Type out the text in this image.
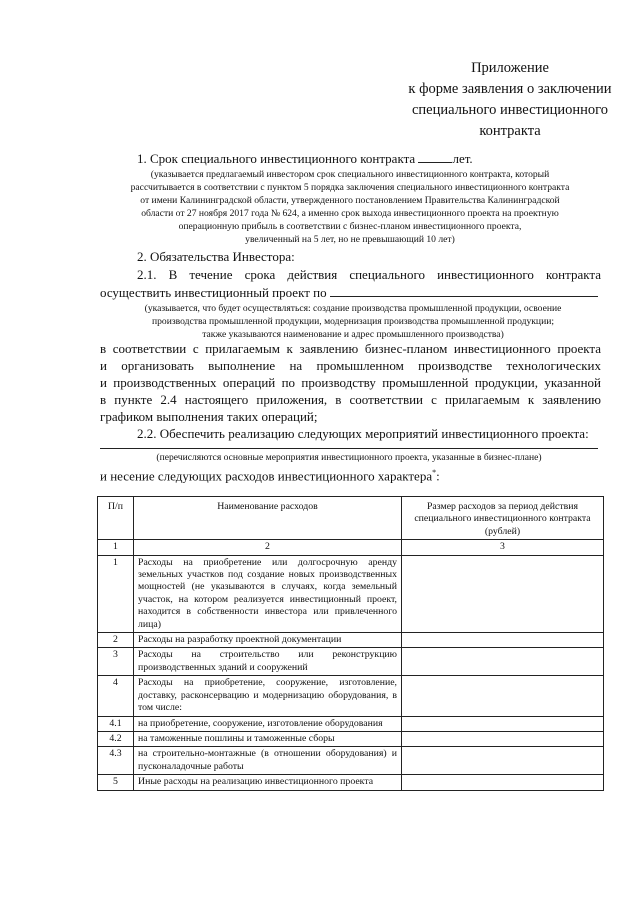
Приложение
к форме заявления о заключении
специального инвестиционного
контракта
1. Срок специального инвестиционного контракта	лет.
(указывается предлагаемый инвестором срок специального инвестиционного контракта, который
рассчитывается в соответствии с пунктом 5 порядка заключения специального инвестиционного контракта
от имени Калининградской области, утвержденного постановлением Правительства Калининградской
области от 27 ноября 2017 года № 624, а именно срок выхода инвестиционного проекта на проектную
операционную прибыль в соответствии с бизнес-планом инвестиционного проекта,
увеличенный на 5 лет, но не превышающий 10 лет)
2. Обязательства Инвестора:
2.1. В течение срока действия специального инвестиционного контракта
осуществить инвестиционный проект по
(указывается, что будет осуществляться: создание производства промышленной продукции, освоение
производства промышленной продукции, модернизация производства промышленной продукции;
также указываются наименование и адрес промышленного производства)
в соответствии с прилагаемым к заявлению бизнес-планом инвестиционного проекта
и организовать выполнение на промышленном производстве технологических
и производственных операций по производству промышленной продукции, указанной
в пункте 2.4 настоящего приложения, в соответствии с прилагаемым к заявлению
графиком выполнения таких операций;
2.2. Обеспечить реализацию следующих мероприятий инвестиционного проекта:
(перечисляются основные мероприятия инвестиционного проекта, указанные в бизнес-плане)
и несение следующих расходов инвестиционного характера*:
П/п	Наименование расходов	Размер расходов за период действия специального инвестиционного контракта (рублей)
1	2	3
1	Расходы на приобретение или долгосрочную аренду земельных участков под создание новых производственных мощностей (не указываются в случаях, когда земельный участок, на котором реализуется инвестиционный проект, находится в собственности инвестора или привлеченного лица)	
2	Расходы на разработку проектной документации	
3	Расходы на строительство или реконструкцию производственных зданий и сооружений	
4	Расходы на приобретение, сооружение, изготовление, доставку, расконсервацию и модернизацию оборудования, в том числе:	
4.1	на приобретение, сооружение, изготовление оборудования	
4.2	на таможенные пошлины и таможенные сборы	
4.3	на строительно-монтажные (в отношении оборудования) и пусконаладочные работы	
5	Иные расходы на реализацию инвестиционного проекта	
